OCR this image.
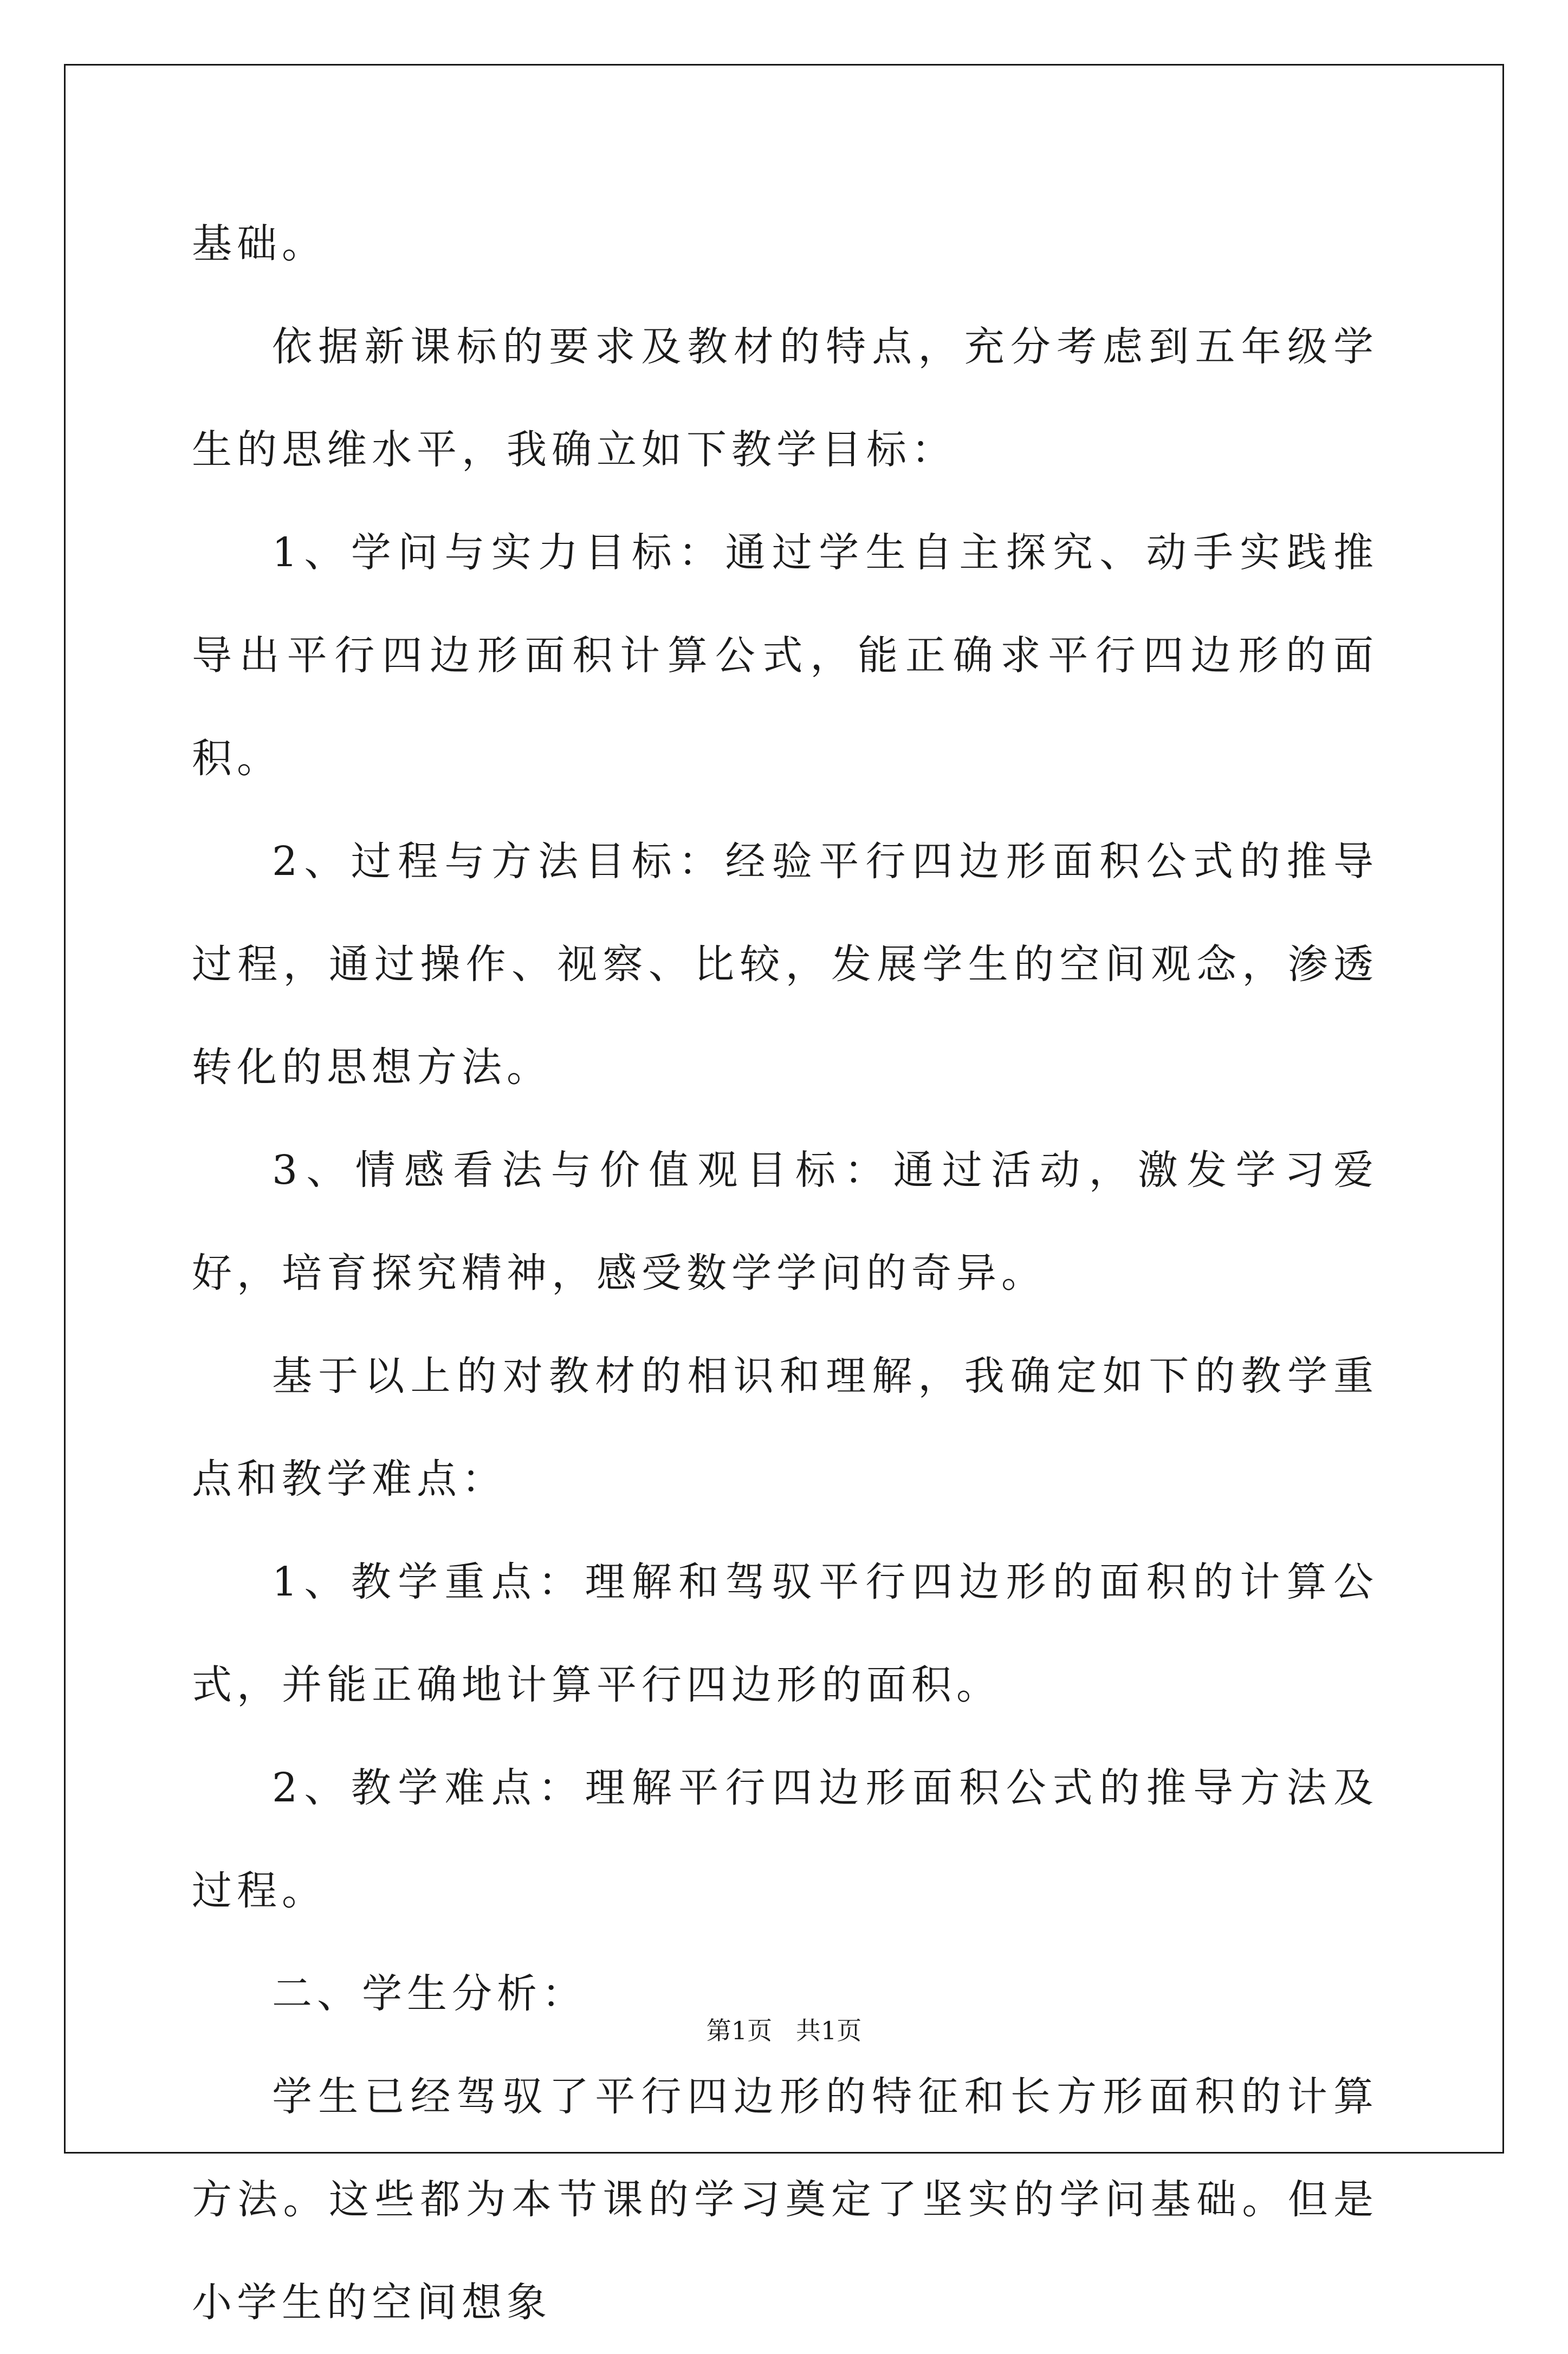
基础。

依据新课标的要求及教材的特点，充分考虑到五年级学生的思维水平，我确立如下教学目标：

1、学问与实力目标：通过学生自主探究、动手实践推导出平行四边形面积计算公式，能正确求平行四边形的面积。

2、过程与方法目标：经验平行四边形面积公式的推导过程，通过操作、视察、比较，发展学生的空间观念，渗透转化的思想方法。

3、情感看法与价值观目标：通过活动，激发学习爱好，培育探究精神，感受数学学问的奇异。

基于以上的对教材的相识和理解，我确定如下的教学重点和教学难点：

1、教学重点：理解和驾驭平行四边形的面积的计算公式，并能正确地计算平行四边形的面积。

2、教学难点：理解平行四边形面积公式的推导方法及过程。

二、学生分析：

学生已经驾驭了平行四边形的特征和长方形面积的计算方法。这些都为本节课的学习奠定了坚实的学问基础。但是小学生的空间想象

第1页   共1页
